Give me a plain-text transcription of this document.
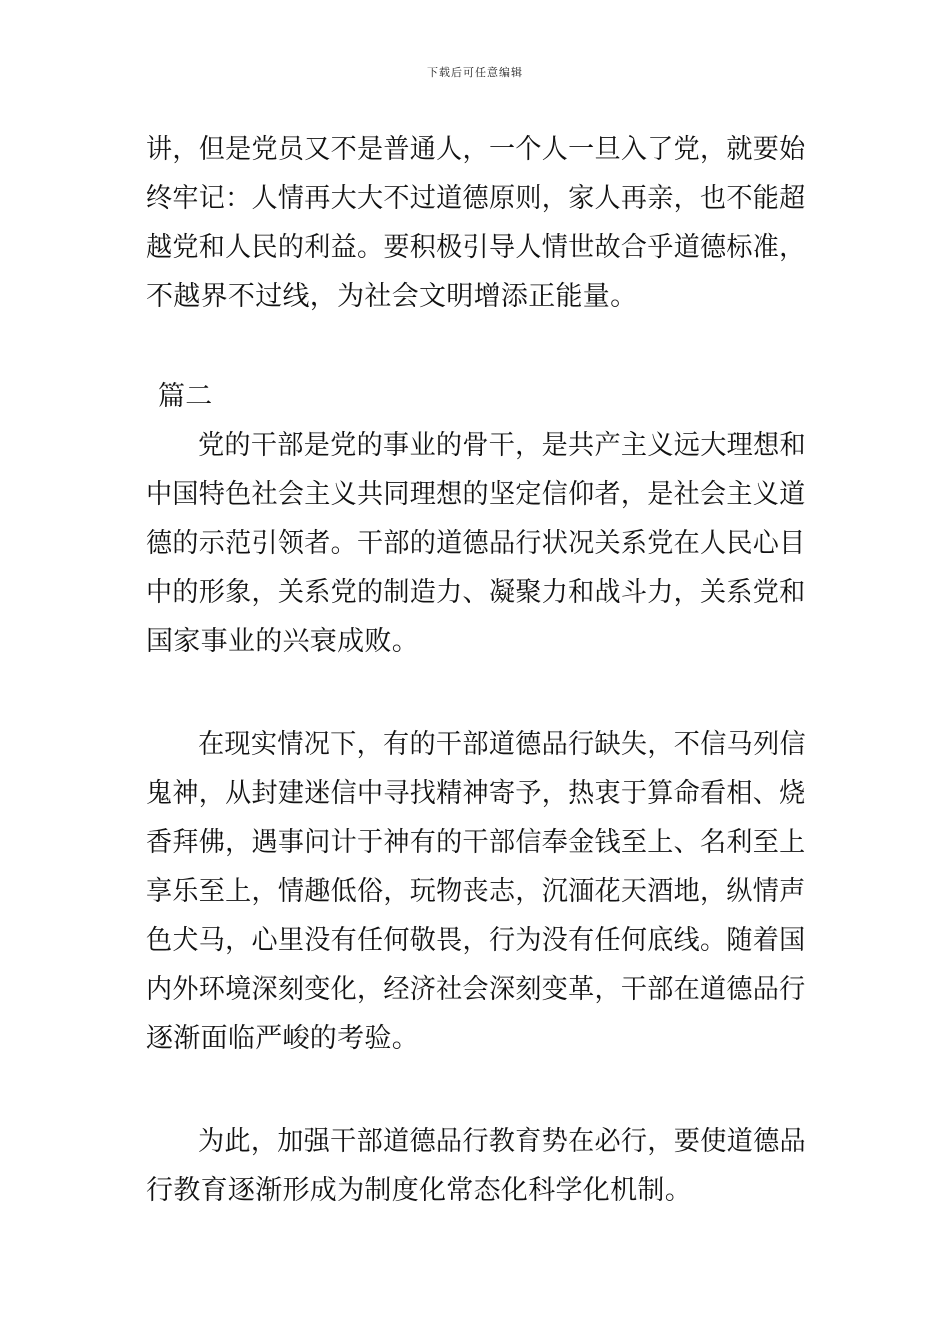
下载后可任意编辑
讲，但是党员又不是普通人，一个人一旦入了党，就要始
终牢记：人情再大大不过道德原则，家人再亲，也不能超
越党和人民的利益。要积极引导人情世故合乎道德标准，
不越界不过线，为社会文明增添正能量。
篇二
党的干部是党的事业的骨干，是共产主义远大理想和
中国特色社会主义共同理想的坚定信仰者，是社会主义道
德的示范引领者。干部的道德品行状况关系党在人民心目
中的形象，关系党的制造力、凝聚力和战斗力，关系党和
国家事业的兴衰成败。
在现实情况下，有的干部道德品行缺失，不信马列信
鬼神，从封建迷信中寻找精神寄予，热衷于算命看相、烧
香拜佛，遇事问计于神有的干部信奉金钱至上、名利至上
享乐至上，情趣低俗，玩物丧志，沉湎花天酒地，纵情声
色犬马，心里没有任何敬畏，行为没有任何底线。随着国
内外环境深刻变化，经济社会深刻变革，干部在道德品行
逐渐面临严峻的考验。
为此，加强干部道德品行教育势在必行，要使道德品
行教育逐渐形成为制度化常态化科学化机制。
